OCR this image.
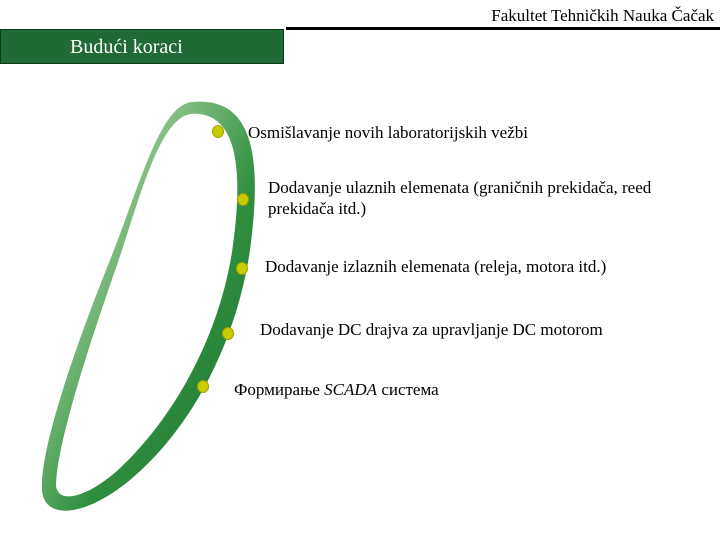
Fakultet Tehničkih Nauka Čačak
Budući koraci
Osmišlavanje novih laboratorijskih vežbi
Dodavanje ulaznih elemenata (graničnih prekidača, reed prekidača itd.)
Dodavanje izlaznih elemenata (releja, motora itd.)
Dodavanje DC drajva za upravljanje DC motorom
Формирање SCADA система
